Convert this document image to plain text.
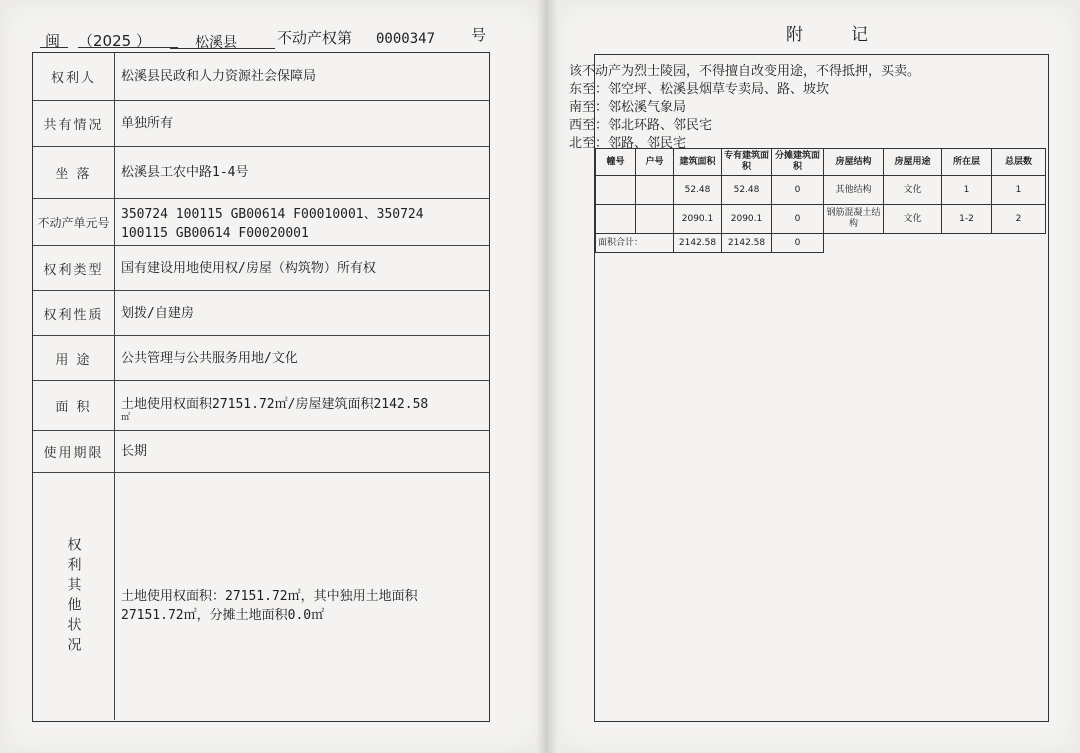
闽 （2025 ）	松溪县	不动产权第 0000347 号
权利人	松溪县民政和人力资源社会保障局
共有情况	单独所有
坐 落	松溪县工农中路1-4号
不动产单元号
350724 100115 GB00614 F00010001、350724
100115 GB00614 F00020001
权利类型	国有建设用地使用权/房屋（构筑物）所有权
权利性质	划拨/自建房
用 途	公共管理与公共服务用地/文化
面 积	土地使用权面积27151.72㎡/房屋建筑面积2142.58
㎡
使用期限	长期
权利其他状况	土地使用权面积：27151.72㎡，其中独用土地面积
27151.72㎡，分摊土地面积0.0㎡
附记
该不动产为烈士陵园，不得擅自改变用途，不得抵押，买卖。
东至：邻空坪、松溪县烟草专卖局、路、坡坎
南至：邻松溪气象局
西至：邻北环路、邻民宅
北至：邻路、邻民宅
幢号	户号	建筑面积	专有建筑面积	分摊建筑面积	房屋结构	房屋用途	所在层	总层数
		52.48	52.48	0	其他结构	文化	1	1
		2090.1	2090.1	0	钢筋混凝土结构	文化	1-2	2
面积合计：		2142.58	2142.58	0				
